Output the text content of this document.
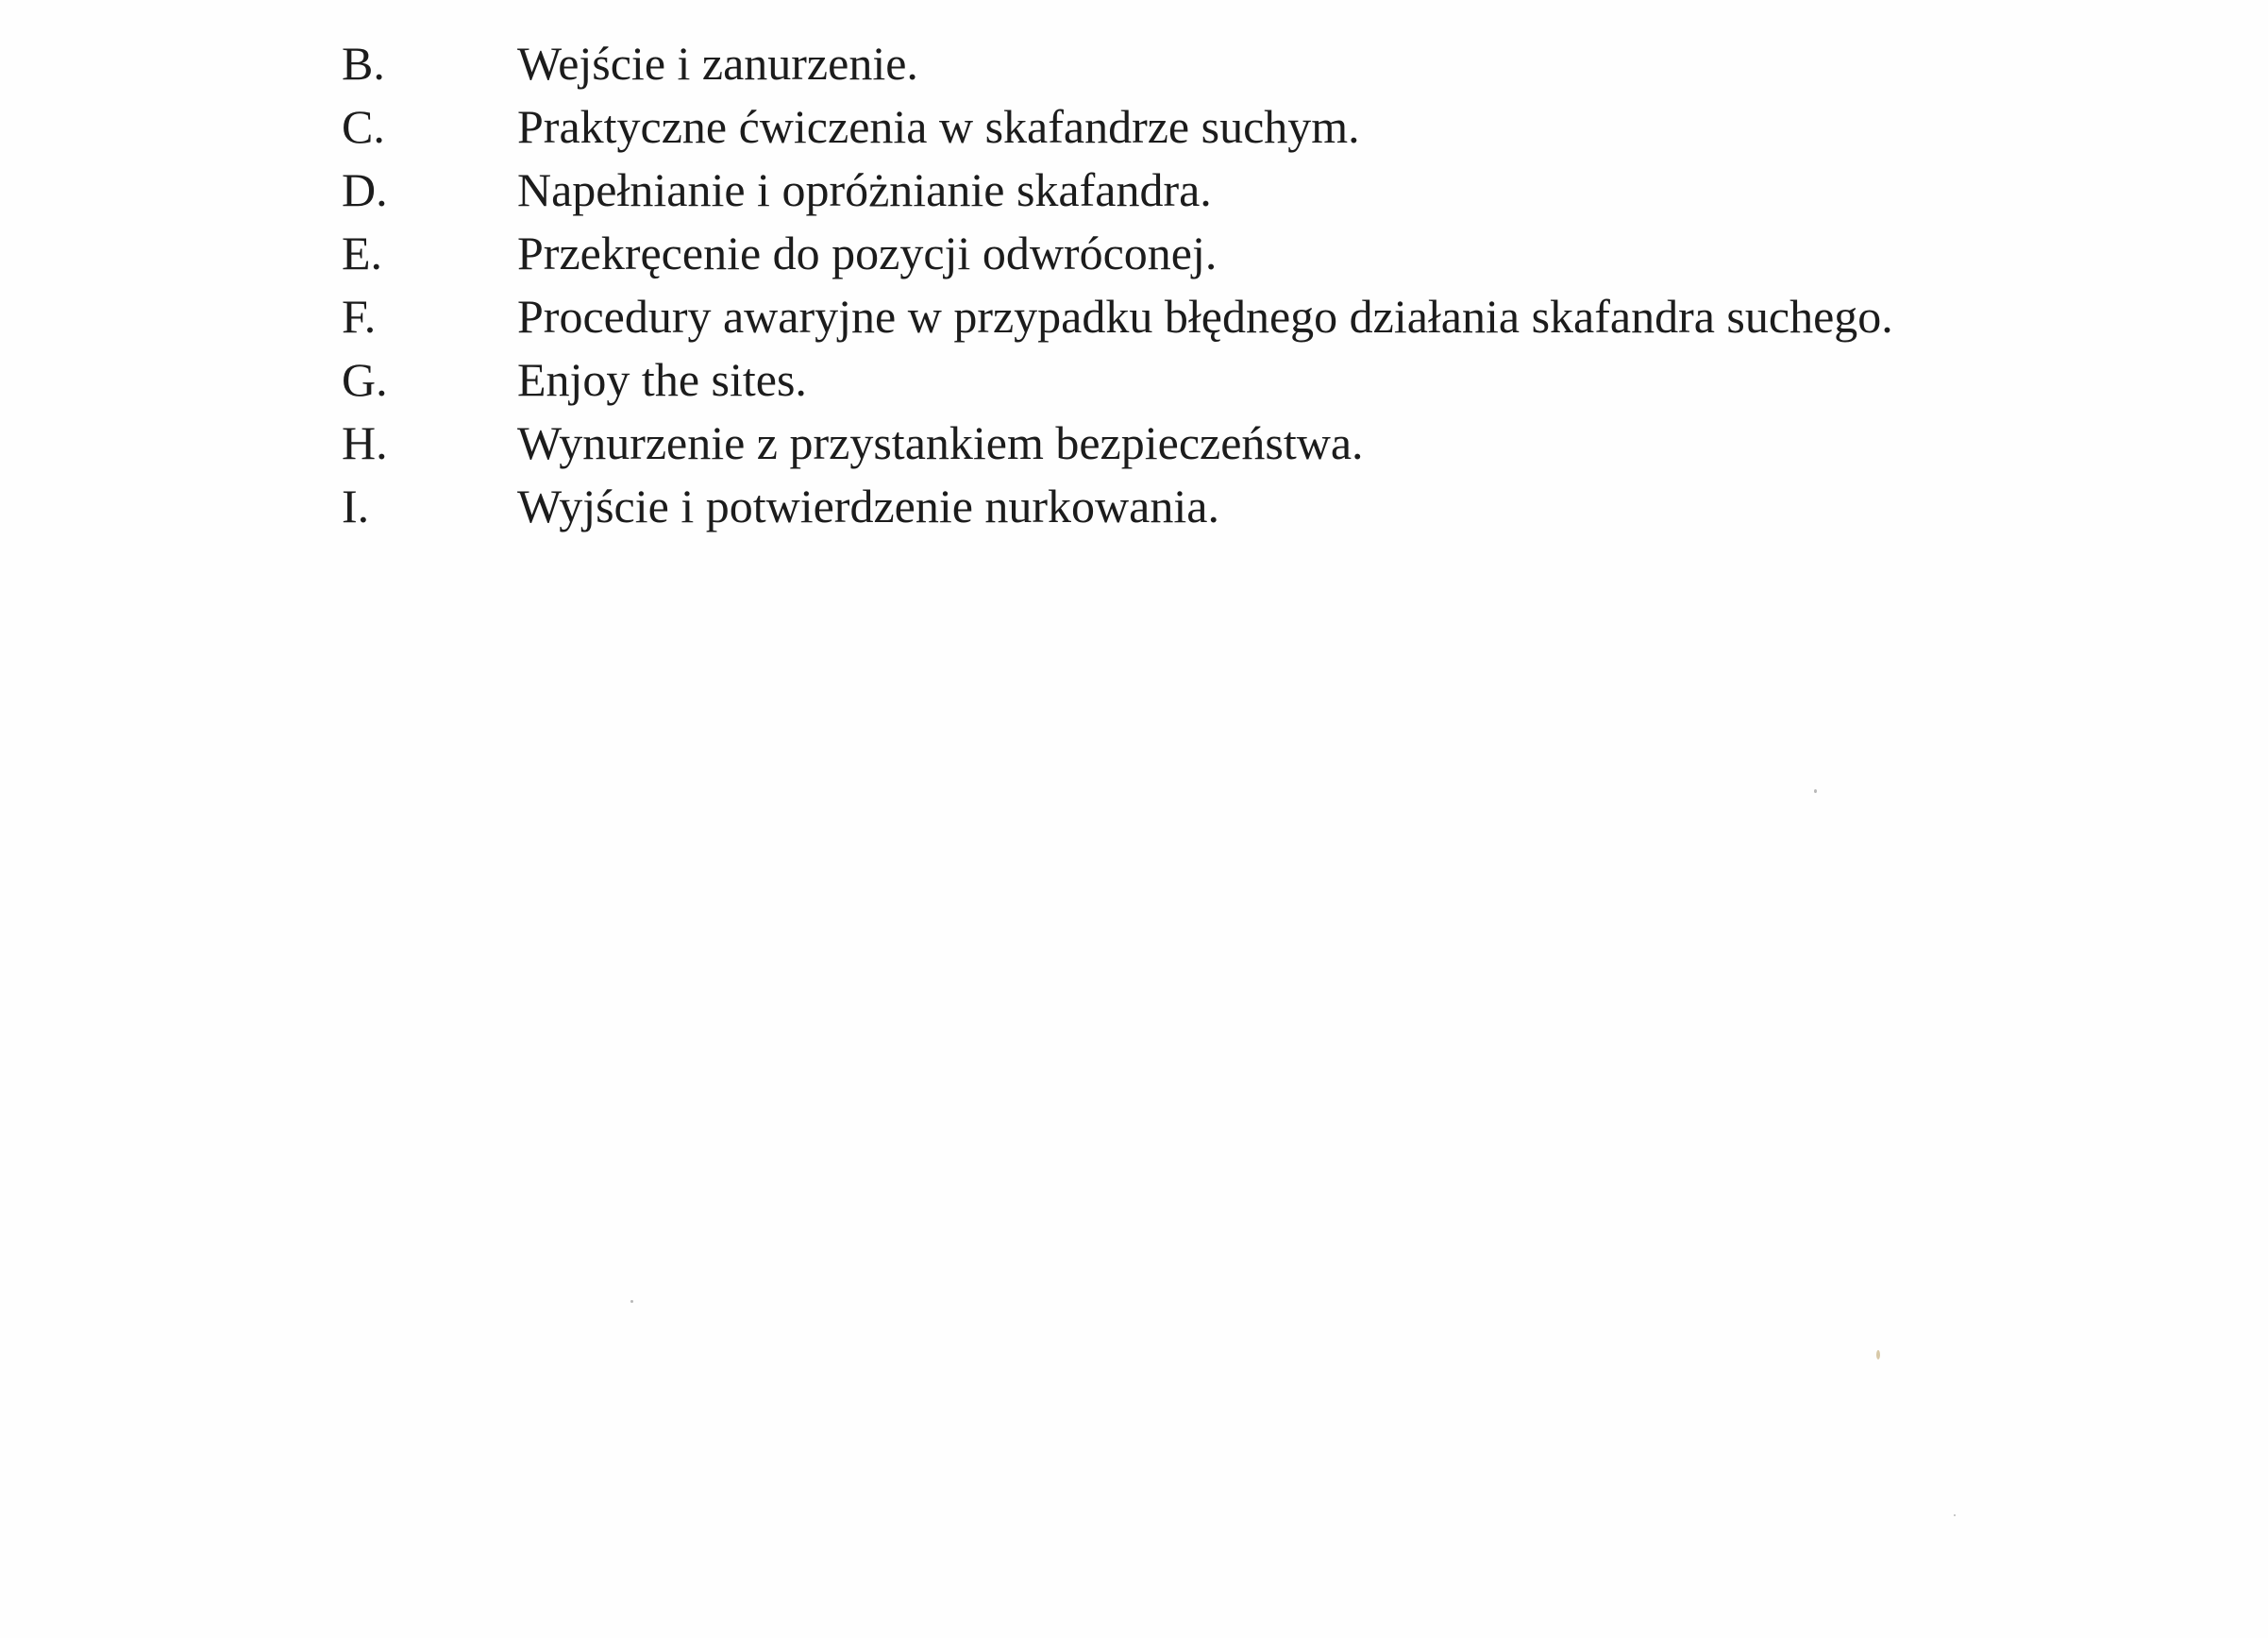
B.	Wejście i zanurzenie.
C.	Praktyczne ćwiczenia w skafandrze suchym.
D.	Napełnianie i opróżnianie skafandra.
E.	Przekręcenie do pozycji odwróconej.
F.	Procedury awaryjne w przypadku błędnego działania skafandra suchego.
G.	Enjoy the sites.
H.	Wynurzenie z przystankiem bezpieczeństwa.
I.	Wyjście i potwierdzenie nurkowania.
